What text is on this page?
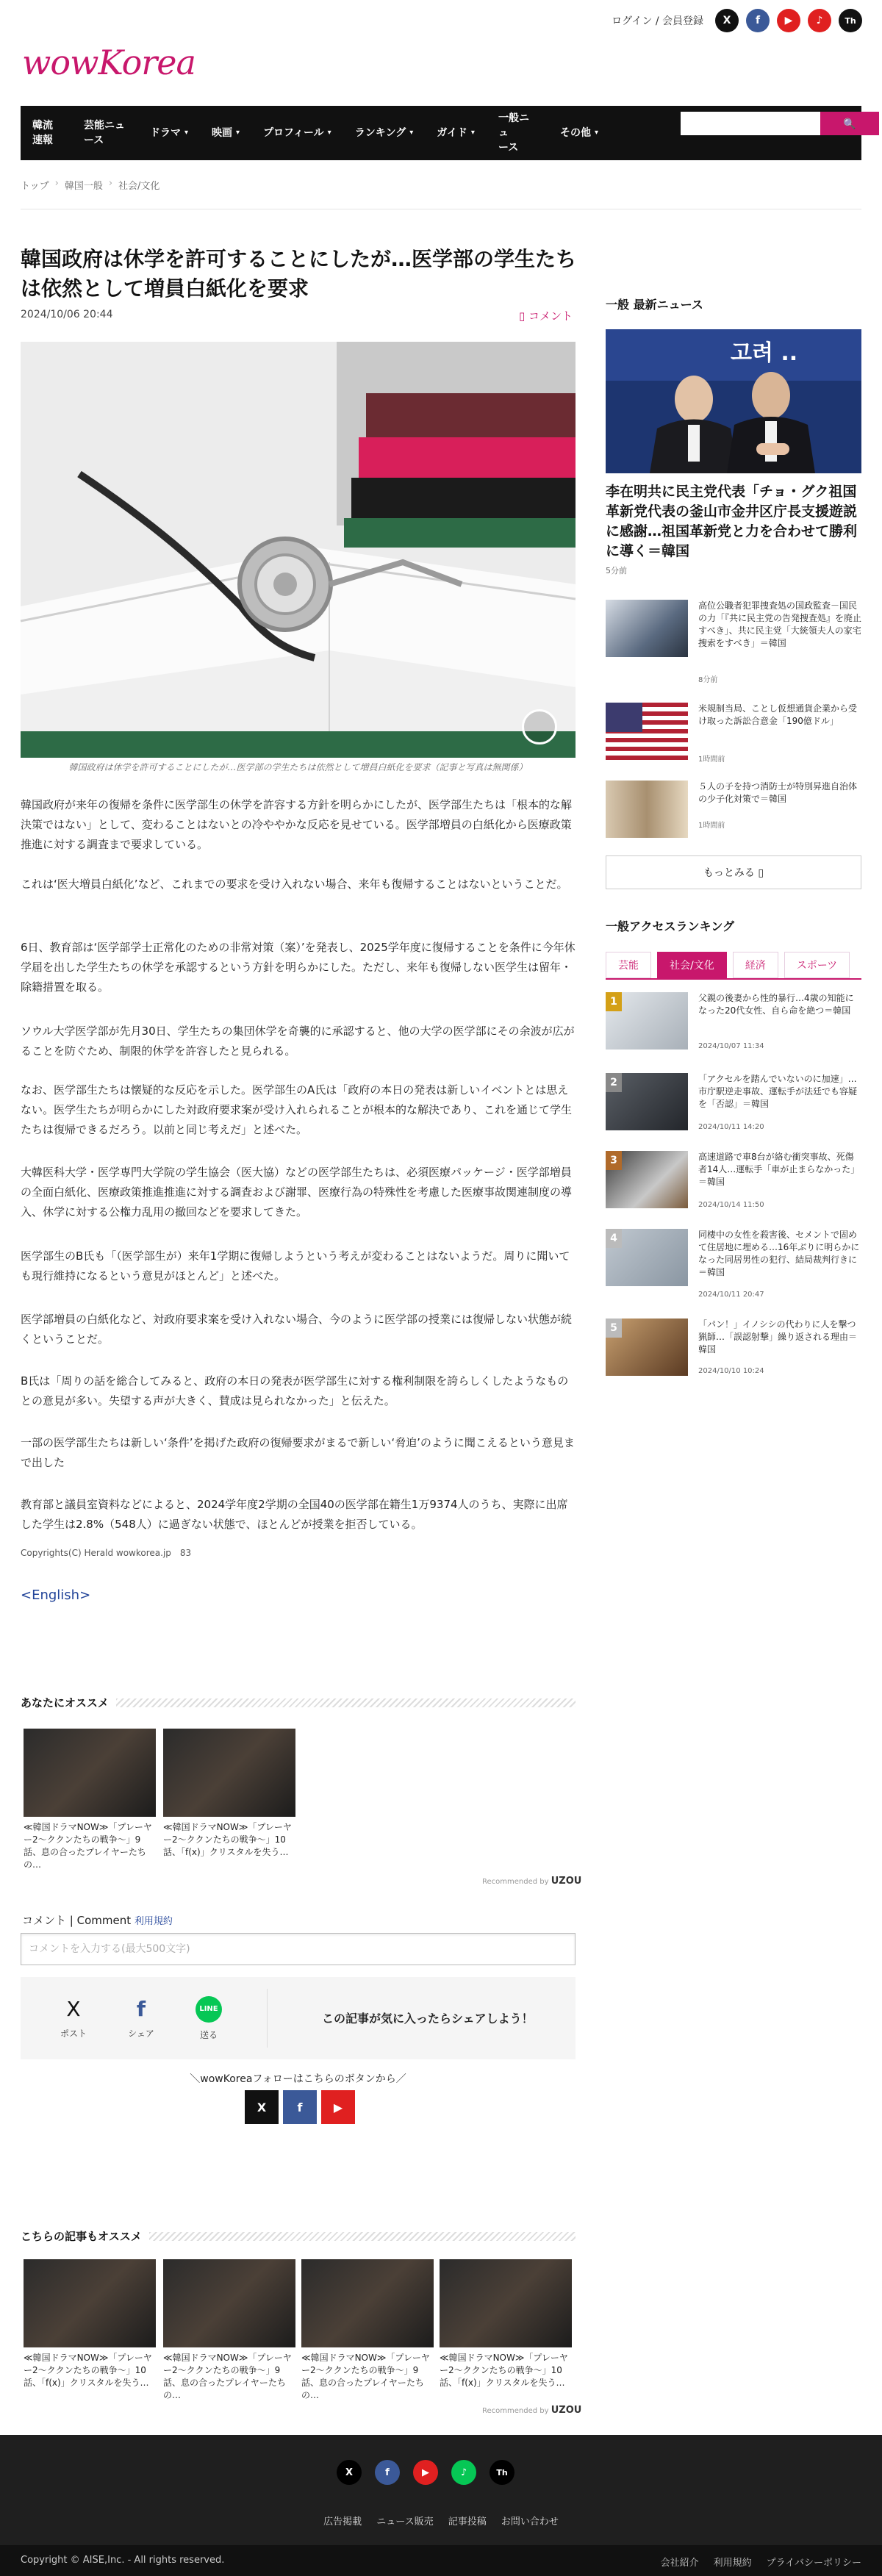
ログイン / 会員登録	X	f	▶	♪	Th
wowKorea
韓流
速報
芸能ニュ
ース
ドラマ ▾ 映画 ▾ プロフィール ▾ ランキング ▾ ガイド ▾
一般ニュ
ース
その他 ▾
🔍
トップ › 韓国一般 › 社会/文化
韓国政府は休学を許可することにしたが…医学部の学生たちは依然として増員白紙化を要求
2024/10/06 20:44	▯ コメント
韓国政府は休学を許可することにしたが…医学部の学生たちは依然として増員白紙化を要求（記事と写真は無関係）

韓国政府が来年の復帰を条件に医学部生の休学を許容する方針を明らかにしたが、医学部生たちは「根本的な解決策ではない」として、変わることはないとの冷ややかな反応を見せている。医学部増員の白紙化から医療政策推進に対する調査まで要求している。

これは‘医大増員白紙化’など、これまでの要求を受け入れない場合、来年も復帰することはないということだ。

6日、教育部は‘医学部学士正常化のための非常対策（案）’を発表し、2025学年度に復帰することを条件に今年休学届を出した学生たちの休学を承認するという方針を明らかにした。ただし、来年も復帰しない医学生は留年・除籍措置を取る。

ソウル大学医学部が先月30日、学生たちの集団休学を奇襲的に承認すると、他の大学の医学部にその余波が広がることを防ぐため、制限的休学を許容したと見られる。

なお、医学部生たちは懐疑的な反応を示した。医学部生のA氏は「政府の本日の発表は新しいイベントとは思えない。医学生たちが明らかにした対政府要求案が受け入れられることが根本的な解決であり、これを通じて学生たちは復帰できるだろう。以前と同じ考えだ」と述べた。

大韓医科大学・医学専門大学院の学生協会（医大協）などの医学部生たちは、必須医療パッケージ・医学部増員の全面白紙化、医療政策推進推進に対する調査および謝罪、医療行為の特殊性を考慮した医療事故関連制度の導入、休学に対する公権力乱用の撤回などを要求してきた。

医学部生のB氏も「（医学部生が）来年1学期に復帰しようという考えが変わることはないようだ。周りに聞いても現行維持になるという意見がほとんど」と述べた。

医学部増員の白紙化など、対政府要求案を受け入れない場合、今のように医学部の授業には復帰しない状態が続くということだ。

B氏は「周りの話を総合してみると、政府の本日の発表が医学部生に対する権利制限を誇らしくしたようなものとの意見が多い。失望する声が大きく、賛成は見られなかった」と伝えた。

一部の医学部生たちは新しい‘条件’を掲げた政府の復帰要求がまるで新しい‘脅迫’のように聞こえるという意見まで出した

教育部と議員室資料などによると、2024学年度2学期の全国40の医学部在籍生1万9374人のうち、実際に出席した学生は2.8%（548人）に過ぎない状態で、ほとんどが授業を拒否している。

Copyrights(C) Herald wowkorea.jp　83
<English>
あなたにオススメ
≪韓国ドラマNOW≫「プレーヤー2～ククンたちの戦争～」9話、息の合ったプレイヤーたちの…
≪韓国ドラマNOW≫「プレーヤー2～ククンたちの戦争～」10話、「f(x)」クリスタルを失う…
Recommended by UZOU
コメント | Comment 利用規約
コメントを入力する(最大500文字)
X
ポスト
f
シェア
LINE
送る
この記事が気に入ったらシェアしよう！
＼wowKoreaフォローはこちらのボタンから／
X	f	▶
こちらの記事もオススメ
≪韓国ドラマNOW≫「プレーヤー2～ククンたちの戦争～」10話、「f(x)」クリスタルを失う…
≪韓国ドラマNOW≫「プレーヤー2～ククンたちの戦争～」9話、息の合ったプレイヤーたちの…
≪韓国ドラマNOW≫「プレーヤー2～ククンたちの戦争～」9話、息の合ったプレイヤーたちの…
≪韓国ドラマNOW≫「プレーヤー2～ククンたちの戦争～」10話、「f(x)」クリスタルを失う…
Recommended by UZOU
一般 最新ニュース
고려 ..
李在明共に民主党代表「チョ・グク祖国革新党代表の釜山市金井区庁長支援遊説に感謝…祖国革新党と力を合わせて勝利に導く＝韓国
5分前
高位公職者犯罪捜査処の国政監査－国民の力「『共に民主党の告発捜査処』を廃止すべき」、共に民主党「大統領夫人の家宅捜索をすべき」＝韓国
8分前
米規制当局、ことし仮想通貨企業から受け取った訴訟合意金「190億ドル」
1時間前
５人の子を持つ消防士が特別昇進自治体の少子化対策で＝韓国
1時間前
もっとみる ▯
一般アクセスランキング
芸能	社会/文化	経済	スポーツ
1	父親の後妻から性的暴行…4歳の知能になった20代女性、自ら命を絶つ＝韓国
2024/10/07 11:34
2	「アクセルを踏んでいないのに加速」…市庁駅逆走事故、運転手が法廷でも容疑を「否認」＝韓国
2024/10/11 14:20
3	高速道路で車8台が絡む衝突事故、死傷者14人…運転手「車が止まらなかった」＝韓国
2024/10/14 11:50
4	同棲中の女性を殺害後、セメントで固めて住居地に埋める…16年ぶりに明らかになった同居男性の犯行、結局裁判行きに＝韓国
2024/10/11 20:47
5	「パン！」イノシシの代わりに人を撃つ猟師…「誤認射撃」繰り返される理由＝韓国
2024/10/10 10:24
X	f	▶	♪	Th
広告掲載 ニュース販売 記事投稿 お問い合わせ
Copyright © AISE,Inc. - All rights reserved.	会社紹介 利用規約 プライバシーポリシー
